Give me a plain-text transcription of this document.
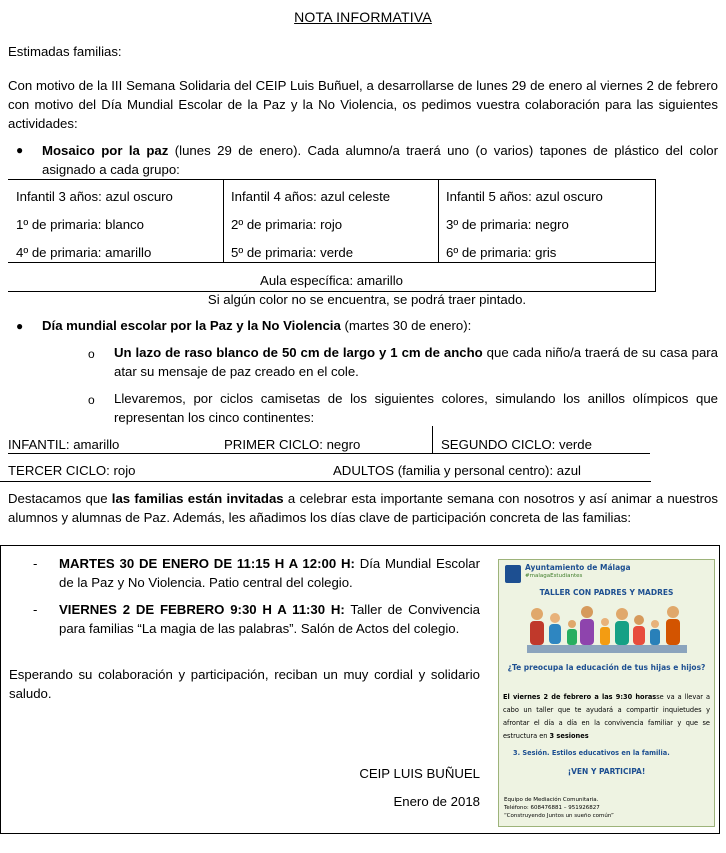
NOTA INFORMATIVA
Estimadas familias:
Con motivo de la III Semana Solidaria del CEIP Luis Buñuel, a desarrollarse de lunes 29 de enero al viernes 2 de febrero con motivo del Día Mundial Escolar de la Paz y la No Violencia, os pedimos vuestra colaboración para las siguientes actividades:
● Mosaico por la paz (lunes 29 de enero). Cada alumno/a traerá uno (o varios) tapones de plástico del color asignado a cada grupo:
Infantil 3 años: azul oscuro	Infantil 4 años: azul celeste	Infantil 5 años: azul oscuro
1º de primaria: blanco	2º de primaria: rojo	3º de primaria: negro
4º de primaria: amarillo	5º de primaria: verde	6º de primaria: gris
Aula específica: amarillo
Si algún color no se encuentra, se podrá traer pintado.
● Día mundial escolar por la Paz y la No Violencia (martes 30 de enero):
o Un lazo de raso blanco de 50 cm de largo y 1 cm de ancho que cada niño/a traerá de su casa para atar su mensaje de paz creado en el cole.
o Llevaremos, por ciclos camisetas de los siguientes colores, simulando los anillos olímpicos que representan los cinco continentes:
INFANTIL: amarillo	PRIMER CICLO: negro	SEGUNDO CICLO: verde
TERCER CICLO: rojo	ADULTOS (familia y personal centro): azul
Destacamos que las familias están invitadas a celebrar esta importante semana con nosotros y así animar a nuestros alumnos y alumnas de Paz. Además, les añadimos los días clave de participación concreta de las familias:
- MARTES 30 DE ENERO DE 11:15 H A 12:00 H: Día Mundial Escolar de la Paz y No Violencia. Patio central del colegio.
- VIERNES 2 DE FEBRERO 9:30 H A 11:30 H: Taller de Convivencia para familias “La magia de las palabras”. Salón de Actos del colegio.
Esperando su colaboración y participación, reciban un muy cordial y solidario saludo.
CEIP LUIS BUÑUEL
Enero de 2018
Ayuntamiento de Málaga
#malagaEstudiantes
TALLER CON PADRES Y MADRES
¿Te preocupa la educación de tus hijas e hijos?
El viernes 2 de febrero a las 9:30 horasse va a llevar a cabo un taller que te ayudará a compartir inquietudes y afrontar el día a día en la convivencia familiar y que se estructura en 3 sesiones
3. Sesión. Estilos educativos en la familia.
¡VEN Y PARTICIPA!
Equipo de Mediación Comunitaria.
Teléfono: 608476881 – 951926827
“Construyendo Juntos un sueño común”
